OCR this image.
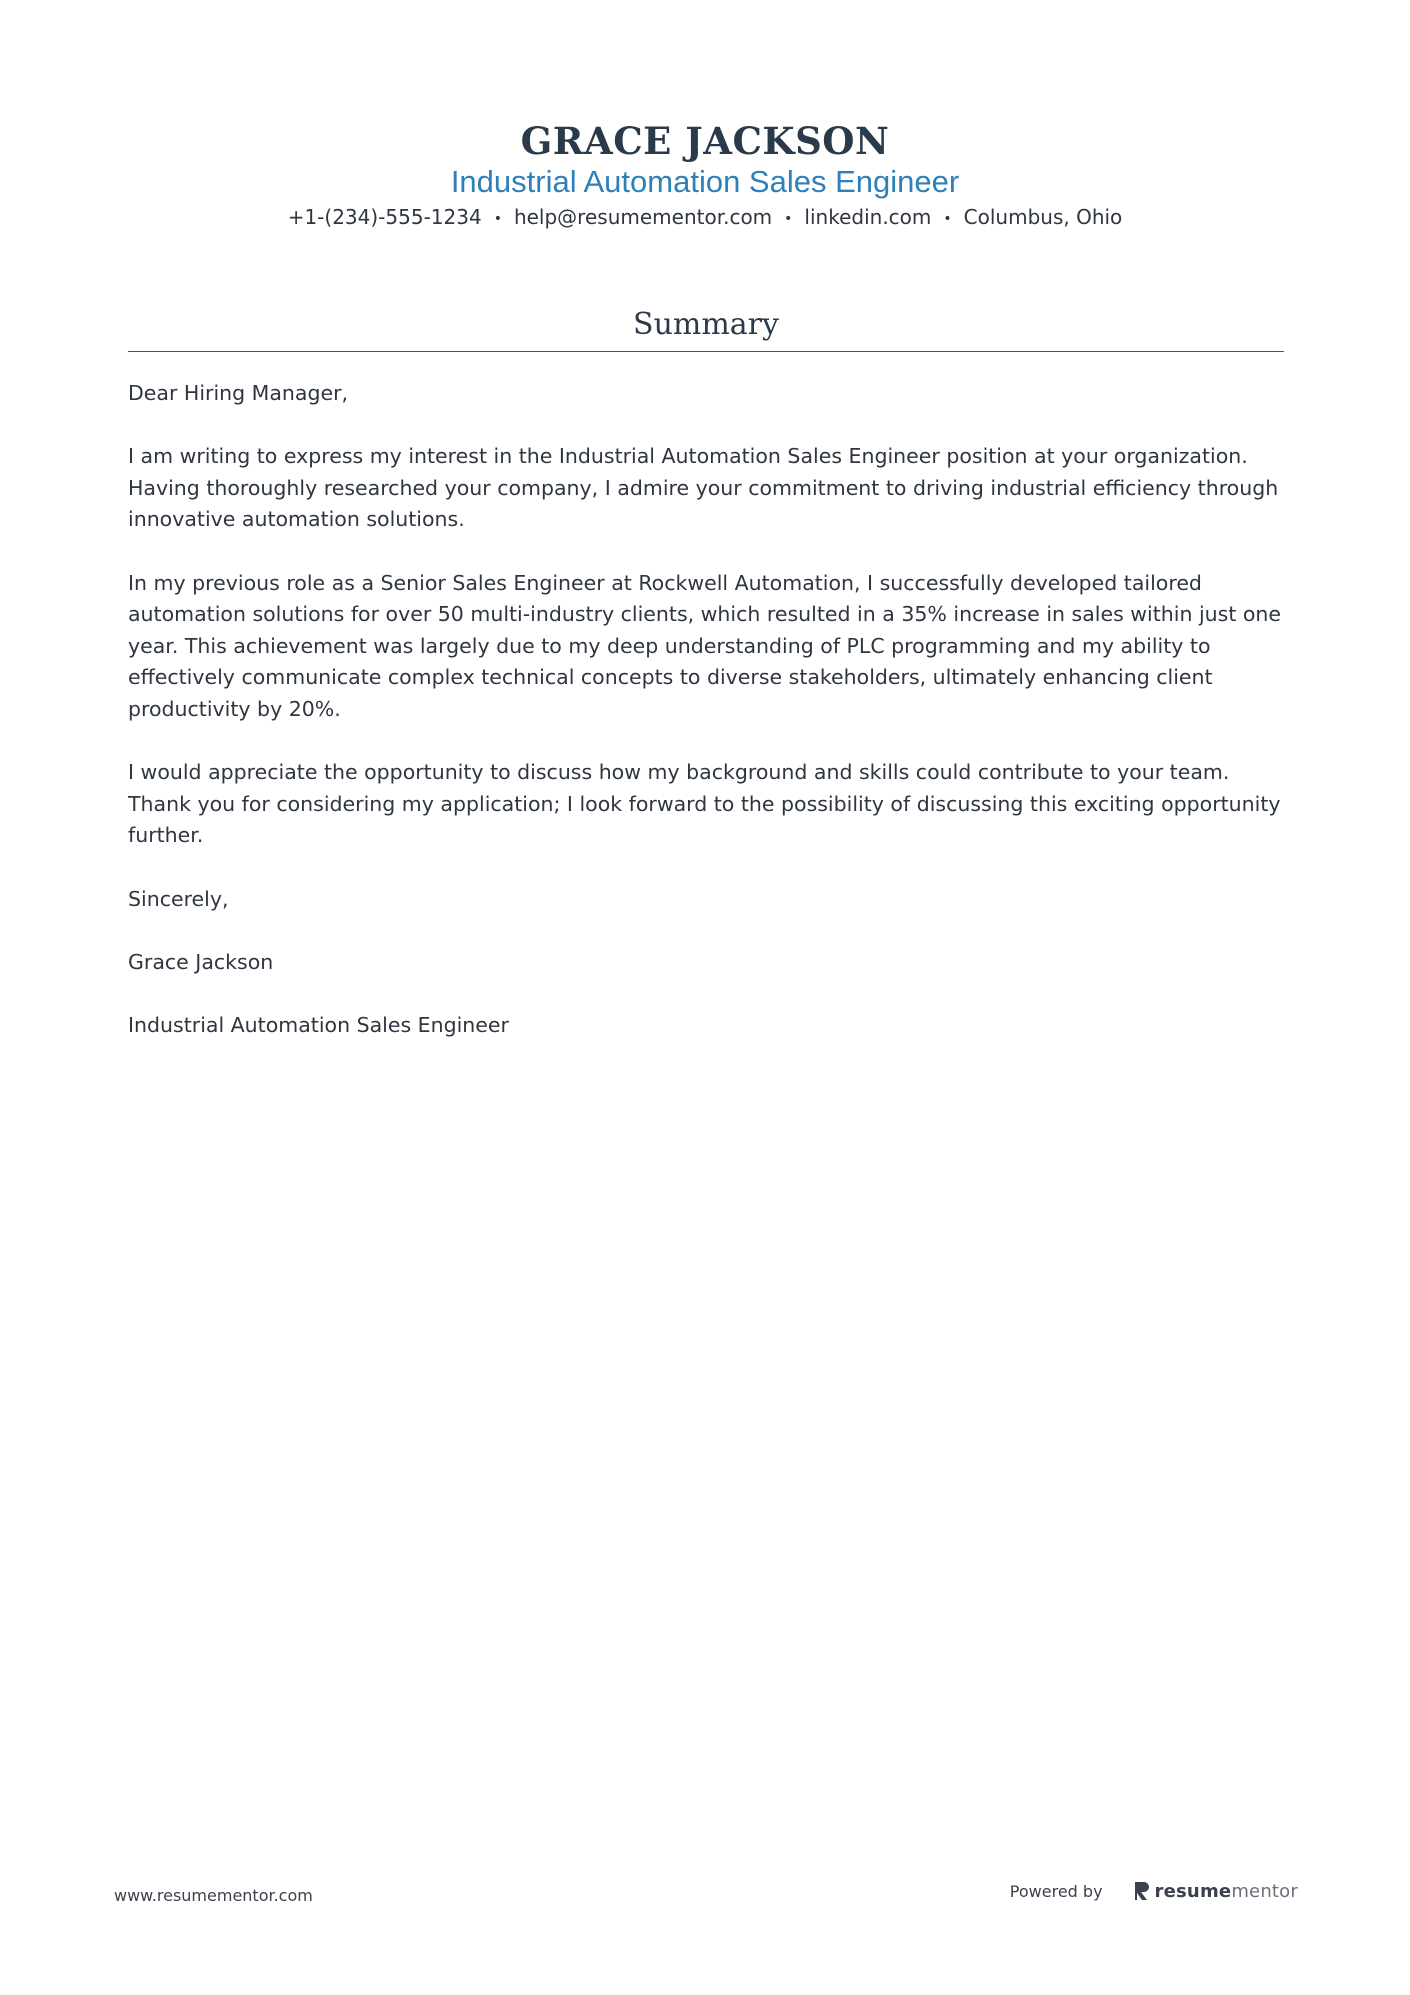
GRACE JACKSON
Industrial Automation Sales Engineer
+1-(234)-555-1234 • help@resumementor.com • linkedin.com • Columbus, Ohio
Summary

Dear Hiring Manager,

I am writing to express my interest in the Industrial Automation Sales Engineer position at your organization. Having thoroughly researched your company, I admire your commitment to driving industrial efficiency through innovative automation solutions.

In my previous role as a Senior Sales Engineer at Rockwell Automation, I successfully developed tailored automation solutions for over 50 multi-industry clients, which resulted in a 35% increase in sales within just one year. This achievement was largely due to my deep understanding of PLC programming and my ability to effectively communicate complex technical concepts to diverse stakeholders, ultimately enhancing client productivity by 20%.

I would appreciate the opportunity to discuss how my background and skills could contribute to your team. Thank you for considering my application; I look forward to the possibility of discussing this exciting opportunity further.

Sincerely,

Grace Jackson

Industrial Automation Sales Engineer

www.resumementor.com	Powered by	resumementor
